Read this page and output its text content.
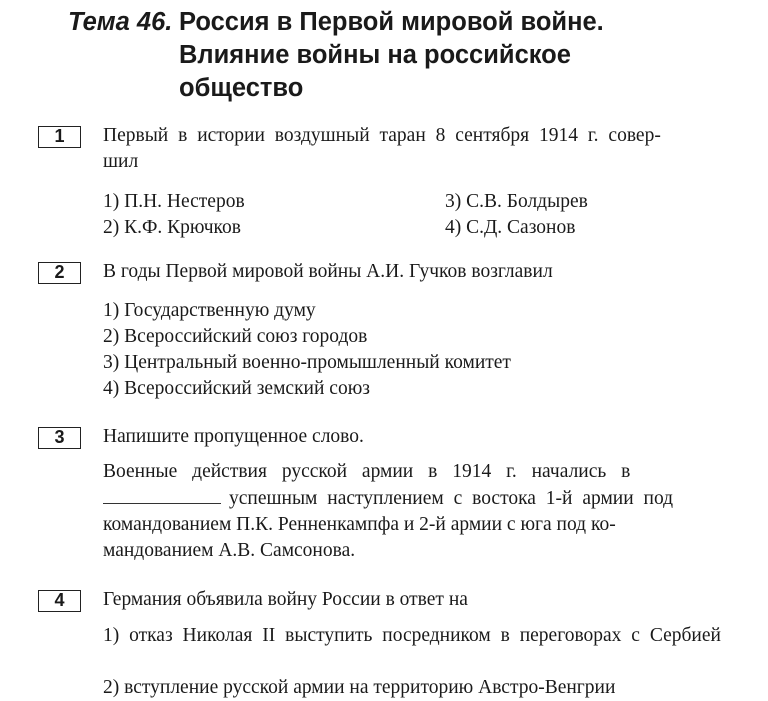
Тема 46. Россия в Первой мировой войне.
Влияние войны на российское
общество
1	Первый в истории воздушный таран 8 сентября 1914 г. совер-
шил
1) П.Н. Нестеров
2) К.Ф. Крючков
3) С.В. Болдырев
4) С.Д. Сазонов
2	В годы Первой мировой войны А.И. Гучков возглавил
1) Государственную думу
2) Всероссийский союз городов
3) Центральный военно-промышленный комитет
4) Всероссийский земский союз
3	Напишите пропущенное слово.
Военные действия русской армии в 1914 г. начались в
успешным наступлением с востока 1-й армии под
командованием П.К. Ренненкампфа и 2-й армии с юга под ко-
мандованием А.В. Самсонова.
4	Германия объявила войну России в ответ на
1) отказ Николая II выступить посредником в переговорах с Сербией
2) вступление русской армии на территорию Австро-Венгрии
